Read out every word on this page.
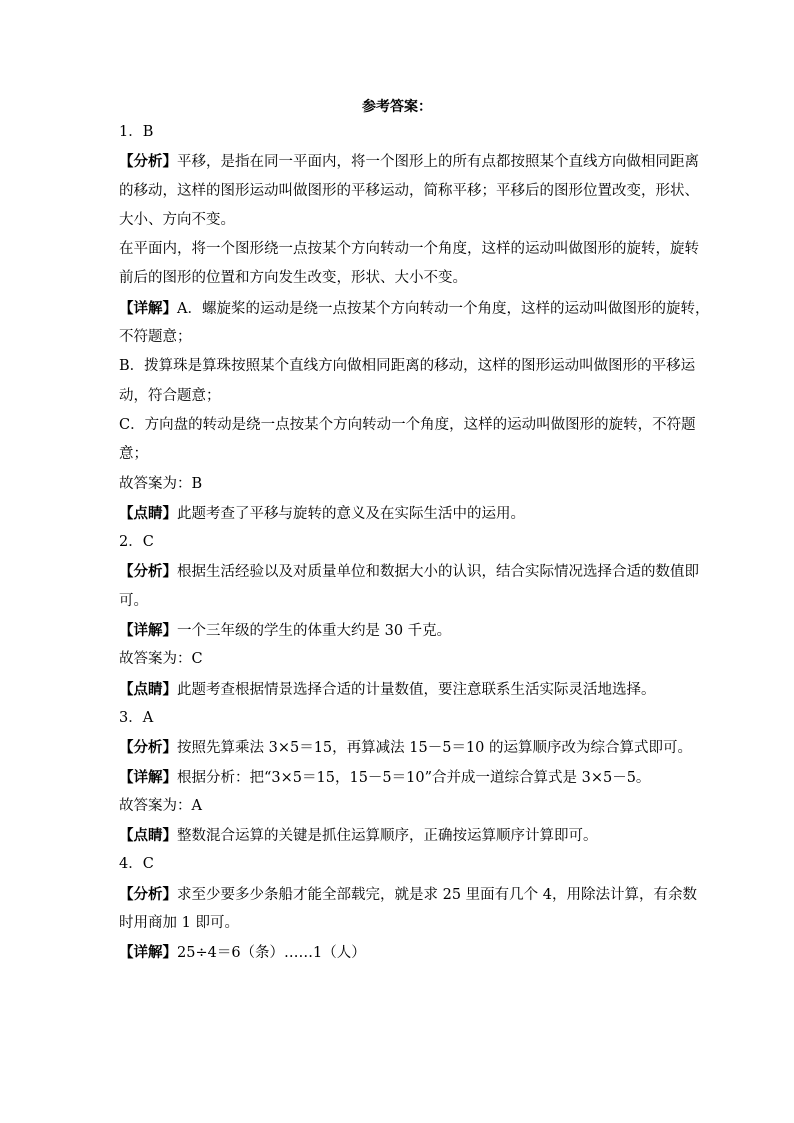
参考答案：
1．B
【分析】平移，是指在同一平面内，将一个图形上的所有点都按照某个直线方向做相同距离
的移动，这样的图形运动叫做图形的平移运动，简称平移；平移后的图形位置改变，形状、
大小、方向不变。
在平面内，将一个图形绕一点按某个方向转动一个角度，这样的运动叫做图形的旋转，旋转
前后的图形的位置和方向发生改变，形状、大小不变。
【详解】A．螺旋桨的运动是绕一点按某个方向转动一个角度，这样的运动叫做图形的旋转，
不符题意；
B．拨算珠是算珠按照某个直线方向做相同距离的移动，这样的图形运动叫做图形的平移运
动，符合题意；
C．方向盘的转动是绕一点按某个方向转动一个角度，这样的运动叫做图形的旋转，不符题
意；
故答案为：B
【点睛】此题考查了平移与旋转的意义及在实际生活中的运用。
2．C
【分析】根据生活经验以及对质量单位和数据大小的认识，结合实际情况选择合适的数值即
可。
【详解】一个三年级的学生的体重大约是 30 千克。
故答案为：C
【点睛】此题考查根据情景选择合适的计量数值，要注意联系生活实际灵活地选择。
3．A
【分析】按照先算乘法 3×5＝15，再算减法 15－5＝10 的运算顺序改为综合算式即可。
【详解】根据分析：把“3×5＝15，15－5＝10”合并成一道综合算式是 3×5－5。
故答案为：A
【点睛】整数混合运算的关键是抓住运算顺序，正确按运算顺序计算即可。
4．C
【分析】求至少要多少条船才能全部载完，就是求 25 里面有几个 4，用除法计算，有余数
时用商加 1 即可。
【详解】25÷4＝6（条）……1（人）
